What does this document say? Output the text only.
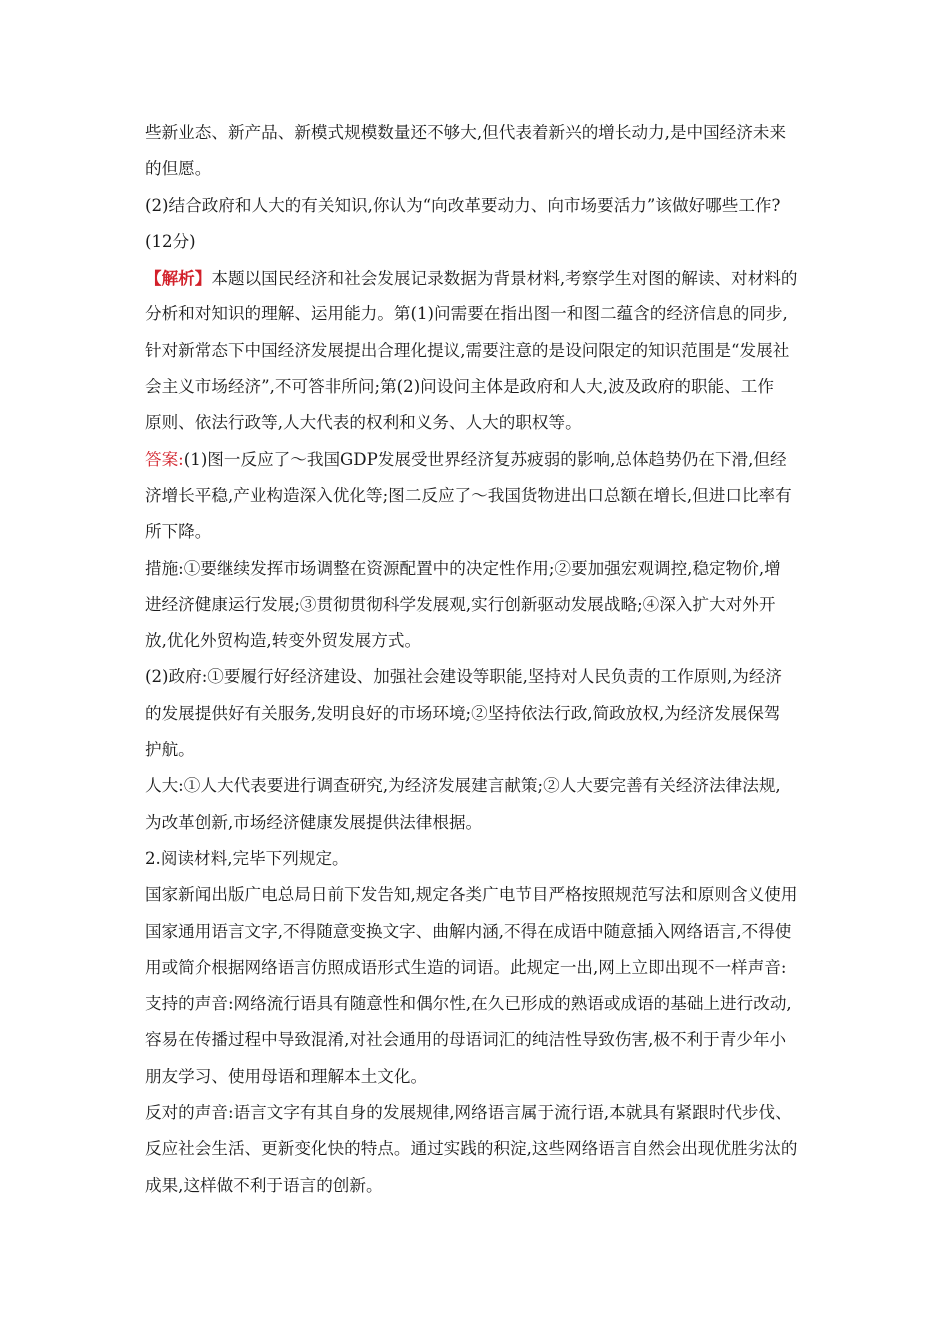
些新业态、新产品、新模式规模数量还不够大,但代表着新兴的增长动力,是中国经济未来
的但愿。
(2)结合政府和人大的有关知识,你认为“向改革要动力、向市场要活力”该做好哪些工作?
(12分)
【解析】本题以国民经济和社会发展记录数据为背景材料,考察学生对图的解读、对材料的
分析和对知识的理解、运用能力。第(1)问需要在指出图一和图二蕴含的经济信息的同步,
针对新常态下中国经济发展提出合理化提议,需要注意的是设问限定的知识范围是“发展社
会主义市场经济”,不可答非所问;第(2)问设问主体是政府和人大,波及政府的职能、工作
原则、依法行政等,人大代表的权利和义务、人大的职权等。
答案:(1)图一反应了～我国GDP发展受世界经济复苏疲弱的影响,总体趋势仍在下滑,但经
济增长平稳,产业构造深入优化等;图二反应了～我国货物进出口总额在增长,但进口比率有
所下降。
措施:①要继续发挥市场调整在资源配置中的决定性作用;②要加强宏观调控,稳定物价,增
进经济健康运行发展;③贯彻贯彻科学发展观,实行创新驱动发展战略;④深入扩大对外开
放,优化外贸构造,转变外贸发展方式。
(2)政府:①要履行好经济建设、加强社会建设等职能,坚持对人民负责的工作原则,为经济
的发展提供好有关服务,发明良好的市场环境;②坚持依法行政,简政放权,为经济发展保驾
护航。
人大:①人大代表要进行调查研究,为经济发展建言献策;②人大要完善有关经济法律法规,
为改革创新,市场经济健康发展提供法律根据。
2.阅读材料,完毕下列规定。
国家新闻出版广电总局日前下发告知,规定各类广电节目严格按照规范写法和原则含义使用
国家通用语言文字,不得随意变换文字、曲解内涵,不得在成语中随意插入网络语言,不得使
用或简介根据网络语言仿照成语形式生造的词语。此规定一出,网上立即出现不一样声音:
支持的声音:网络流行语具有随意性和偶尔性,在久已形成的熟语或成语的基础上进行改动,
容易在传播过程中导致混淆,对社会通用的母语词汇的纯洁性导致伤害,极不利于青少年小
朋友学习、使用母语和理解本土文化。
反对的声音:语言文字有其自身的发展规律,网络语言属于流行语,本就具有紧跟时代步伐、
反应社会生活、更新变化快的特点。通过实践的积淀,这些网络语言自然会出现优胜劣汰的
成果,这样做不利于语言的创新。
